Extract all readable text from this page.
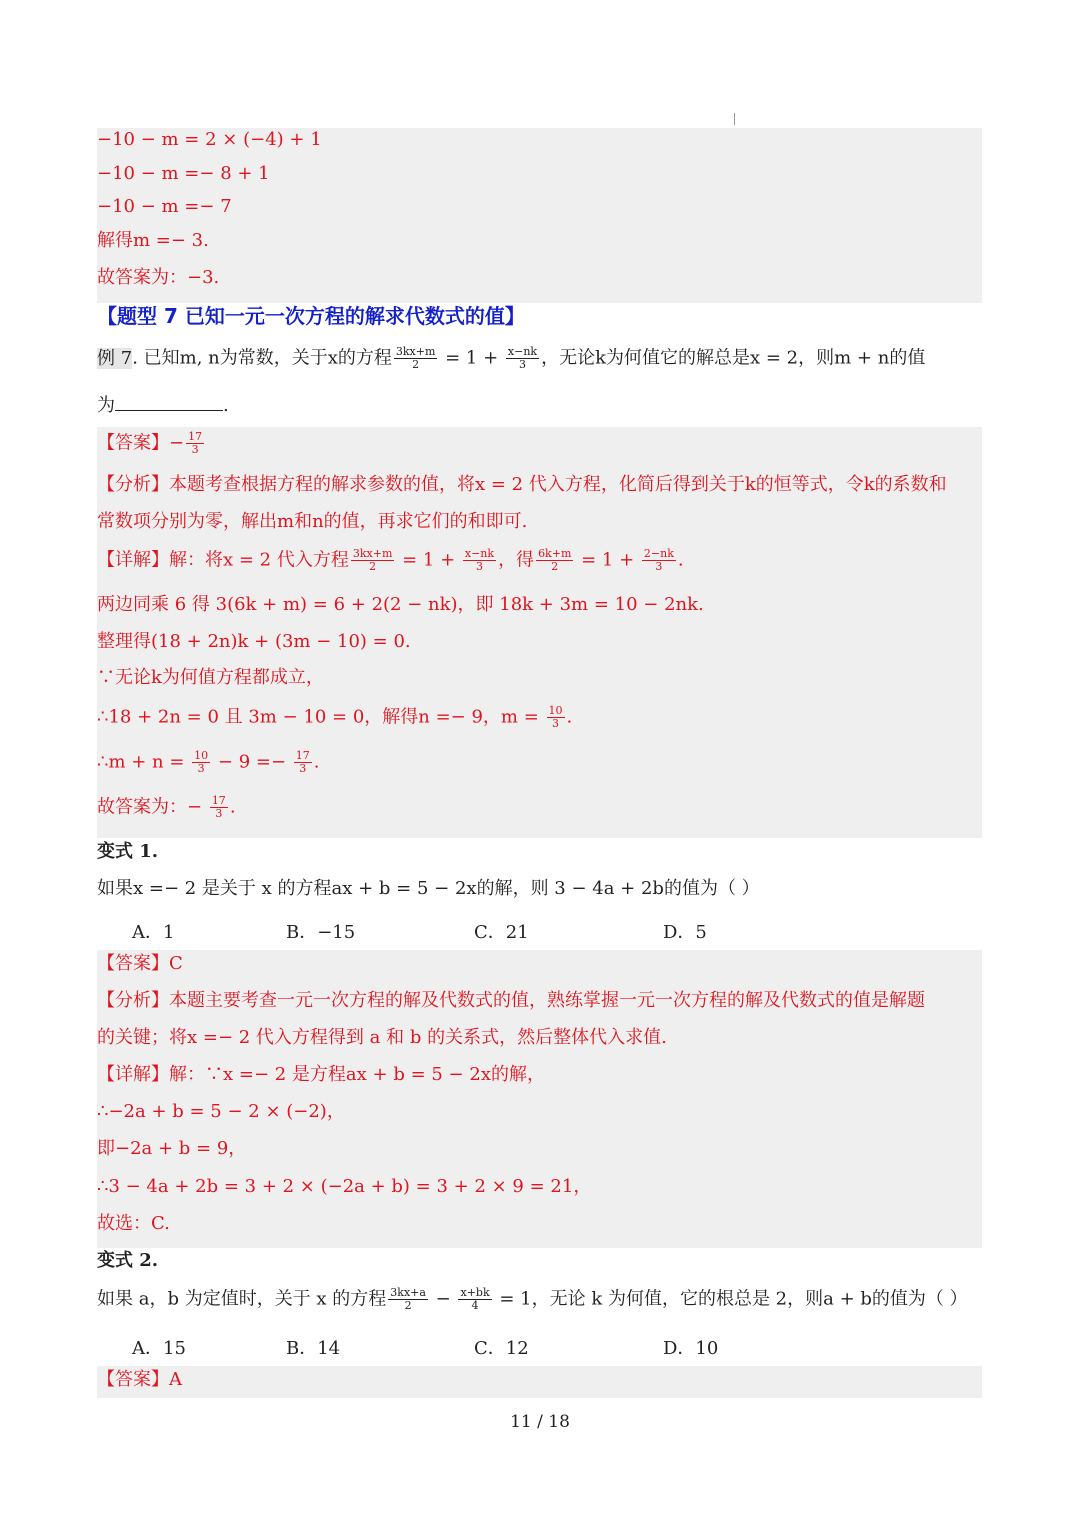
−10 − m = 2 × (−4) + 1
−10 − m =− 8 + 1
−10 − m =− 7
解得m =− 3.
故答案为：−3.
【题型 7 已知一元一次方程的解求代数式的值】
例 7. 已知m, n为常数，关于x的方程 $\frac{3kx+m}{2} = 1 + \frac{x-nk}{3}$ ，无论k为何值它的解总是x = 2，则m + n的值
为	.
【答案】− $\frac{17}{3}$
【分析】本题考查根据方程的解求参数的值，将x = 2 代入方程，化简后得到关于k的恒等式，令k的系数和
常数项分别为零，解出m和n的值，再求它们的和即可.
【详解】解：将x = 2 代入方程 $\frac{3kx+m}{2} = 1 + \frac{x-nk}{3}$ ，得 $\frac{6k+m}{2} = 1 + \frac{2-nk}{3}$ .
两边同乘 6 得 3(6k + m) = 6 + 2(2 − nk)，即 18k + 3m = 10 − 2nk.
整理得(18 + 2n)k + (3m − 10) = 0.
∵无论k为何值方程都成立，
∴18 + 2n = 0 且 3m − 10 = 0，解得n =− 9，$m = \frac{10}{3}$ .
∴m + $n = \frac{10}{3} - 9 =- \frac{17}{3}$ .
故答案为：− $\frac{17}{3}$ .
变式 1.
如果x =− 2 是关于 x 的方程ax + b = 5 − 2x的解，则 3 − 4a + 2b的值为（ ）
A．1	B．−15	C．21	D．5
【答案】C
【分析】本题主要考查一元一次方程的解及代数式的值，熟练掌握一元一次方程的解及代数式的值是解题
的关键；将x =− 2 代入方程得到 a 和 b 的关系式，然后整体代入求值.
【详解】解：∵x =− 2 是方程ax + b = 5 − 2x的解，
∴−2a + b = 5 − 2 × (−2)，
即−2a + b = 9，
∴3 − 4a + 2b = 3 + 2 × (−2a + b) = 3 + 2 × 9 = 21，
故选：C.
变式 2.
如果 a，b 为定值时，关于 x 的方程 $\frac{3kx+a}{2} - \frac{x+bk}{4} = 1$，无论 k 为何值，它的根总是 2，则a + b的值为（ ）
A．15	B．14	C．12	D．10
【答案】A
11 / 18
